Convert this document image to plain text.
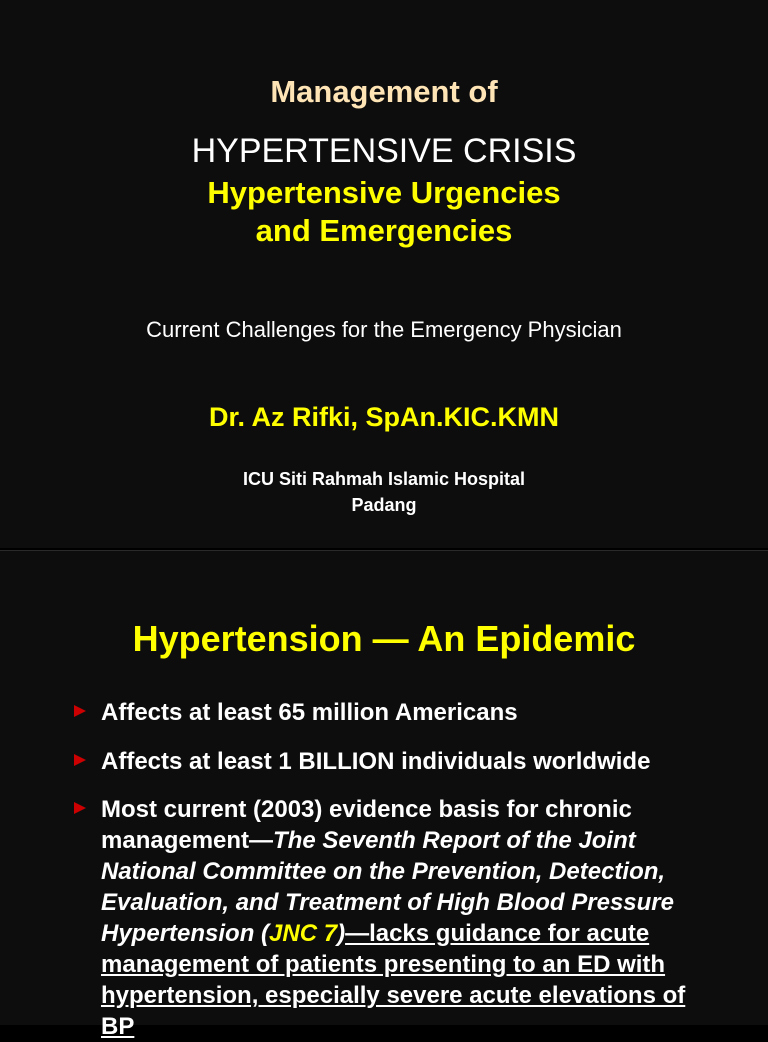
Management of
HYPERTENSIVE CRISIS
Hypertensive Urgencies
and Emergencies
Current Challenges for the Emergency Physician
Dr. Az Rifki, SpAn.KIC.KMN
ICU Siti Rahmah Islamic Hospital
Padang
Hypertension — An Epidemic
Affects at least 65 million Americans
Affects at least 1 BILLION individuals worldwide
Most current (2003) evidence basis for chronic
management—The Seventh Report of the Joint
National Committee on the Prevention, Detection,
Evaluation, and Treatment of High Blood Pressure
Hypertension (JNC 7)—lacks guidance for acute
management of patients presenting to an ED with
hypertension, especially severe acute elevations of
BP
